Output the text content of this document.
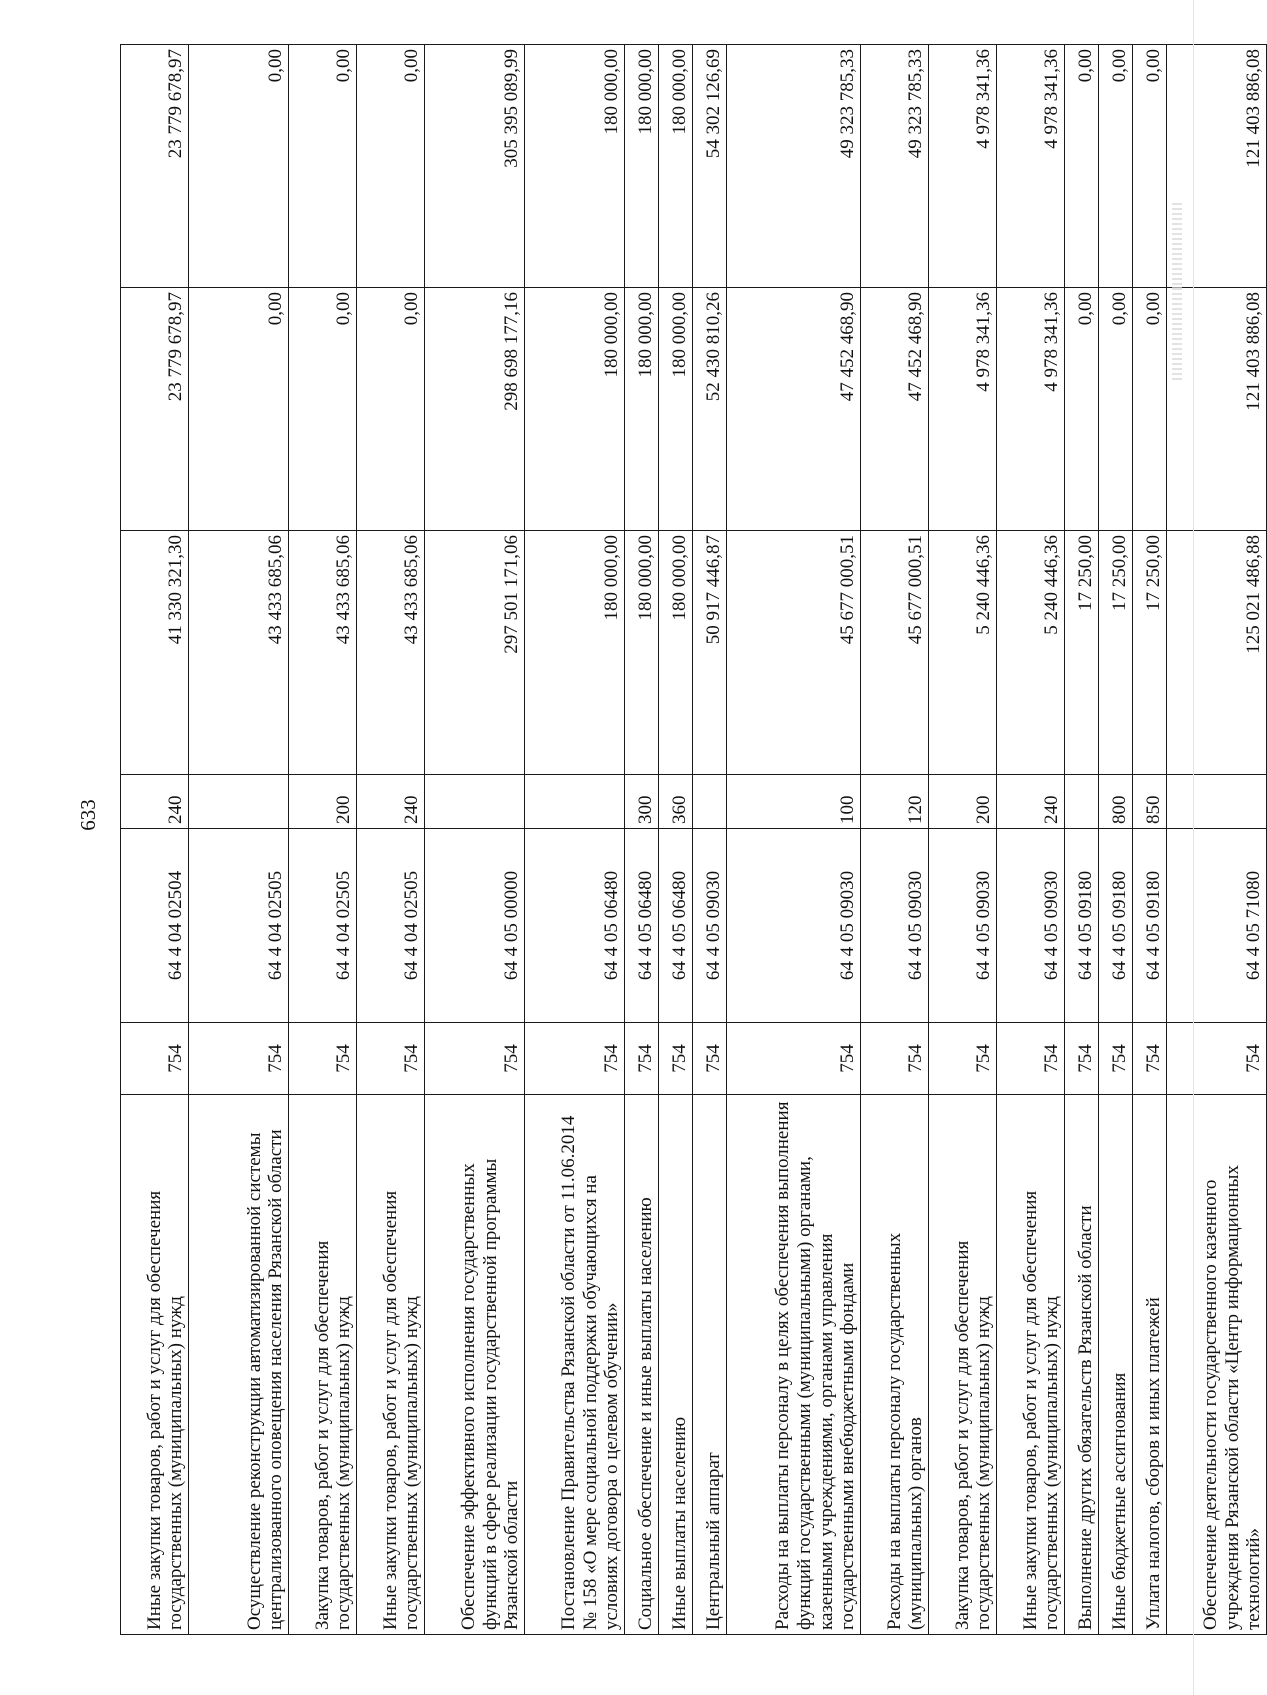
633
Иные закупки товаров, работ и услуг для обеспечения государственных (муниципальных) нужд	754	64 4 04 02504	240	41 330 321,30	23 779 678,97	23 779 678,97
Осуществление реконструкции автоматизированной системы централизованного оповещения населения Рязанской области	754	64 4 04 02505		43 433 685,06	0,00	0,00
Закупка товаров, работ и услуг для обеспечения государственных (муниципальных) нужд	754	64 4 04 02505	200	43 433 685,06	0,00	0,00
Иные закупки товаров, работ и услуг для обеспечения государственных (муниципальных) нужд	754	64 4 04 02505	240	43 433 685,06	0,00	0,00
Обеспечение эффективного исполнения государственных функций в сфере реализации государственной программы Рязанской области	754	64 4 05 00000		297 501 171,06	298 698 177,16	305 395 089,99
Постановление Правительства Рязанской области от 11.06.2014 № 158 «О мере социальной поддержки обучающихся на условиях договора о целевом обучении»	754	64 4 05 06480		180 000,00	180 000,00	180 000,00
Социальное обеспечение и иные выплаты населению	754	64 4 05 06480	300	180 000,00	180 000,00	180 000,00
Иные выплаты населению	754	64 4 05 06480	360	180 000,00	180 000,00	180 000,00
Центральный аппарат	754	64 4 05 09030		50 917 446,87	52 430 810,26	54 302 126,69
Расходы на выплаты персоналу в целях обеспечения выполнения функций государственными (муниципальными) органами, казенными учреждениями, органами управления государственными внебюджетными фондами	754	64 4 05 09030	100	45 677 000,51	47 452 468,90	49 323 785,33
Расходы на выплаты персоналу государственных (муниципальных) органов	754	64 4 05 09030	120	45 677 000,51	47 452 468,90	49 323 785,33
Закупка товаров, работ и услуг для обеспечения государственных (муниципальных) нужд	754	64 4 05 09030	200	5 240 446,36	4 978 341,36	4 978 341,36
Иные закупки товаров, работ и услуг для обеспечения государственных (муниципальных) нужд	754	64 4 05 09030	240	5 240 446,36	4 978 341,36	4 978 341,36
Выполнение других обязательств Рязанской области	754	64 4 05 09180		17 250,00	0,00	0,00
Иные бюджетные ассигнования	754	64 4 05 09180	800	17 250,00	0,00	0,00
Уплата налогов, сборов и иных платежей	754	64 4 05 09180	850	17 250,00	0,00	0,00
Обеспечение деятельности государственного казенного учреждения Рязанской области «Центр информационных технологий»	754	64 4 05 71080		125 021 486,88	121 403 886,08	121 403 886,08
